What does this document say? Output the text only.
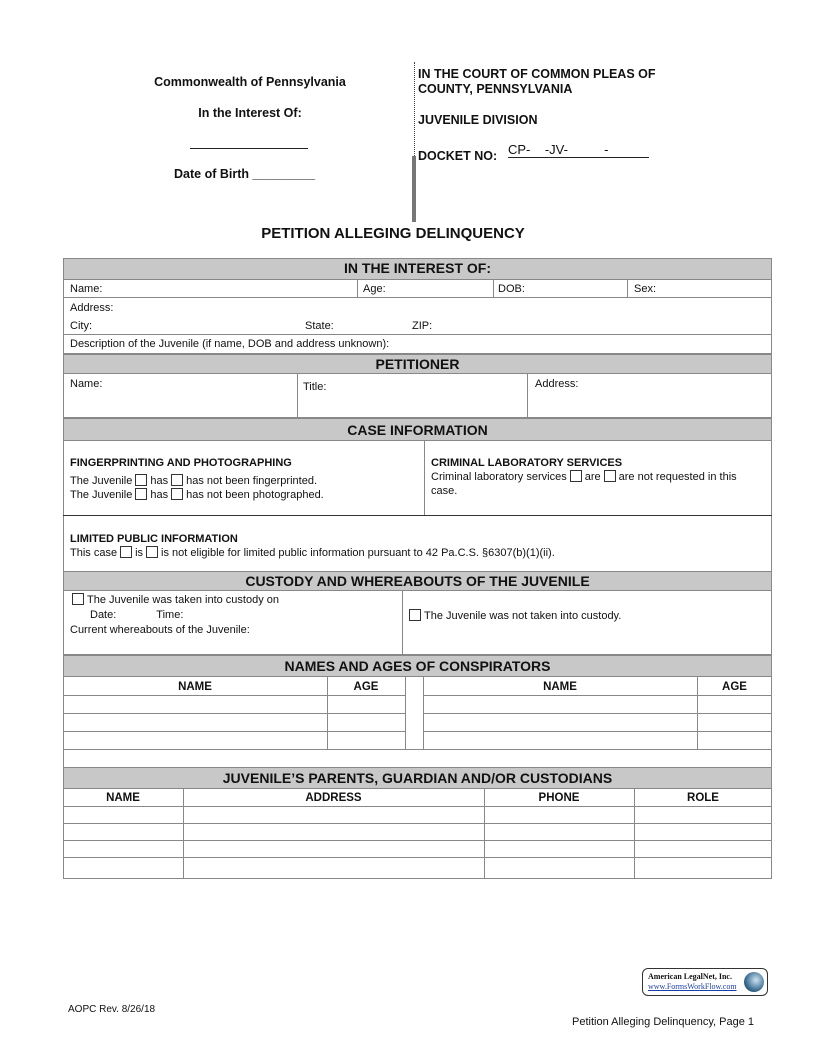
Commonwealth of Pennsylvania
In the Interest Of:
Date of Birth _________
IN THE COURT OF COMMON PLEAS OF
COUNTY, PENNSYLVANIA
JUVENILE DIVISION
DOCKET NO: CP-    -JV-          -
PETITION ALLEGING DELINQUENCY
IN THE INTEREST OF:
Name:	Age:	DOB:	Sex:
Address:
City:	State:	ZIP:
Description of the Juvenile (if name, DOB and address unknown):
PETITIONER
Name:	Title:	Address:
CASE INFORMATION
FINGERPRINTING AND PHOTOGRAPHING
The Juvenile has has not been fingerprinted.
The Juvenile has has not been photographed.
CRIMINAL LABORATORY SERVICES
Criminal laboratory services are are not requested in this case.
LIMITED PUBLIC INFORMATION
This case is is not eligible for limited public information pursuant to 42 Pa.C.S. §6307(b)(1)(ii).
CUSTODY AND WHEREABOUTS OF THE JUVENILE
The Juvenile was taken into custody on
Date:	Time:
Current whereabouts of the Juvenile:
The Juvenile was not taken into custody.
NAMES AND AGES OF CONSPIRATORS
NAME	AGE	NAME	AGE
JUVENILE’S PARENTS, GUARDIAN AND/OR CUSTODIANS
NAME	ADDRESS	PHONE	ROLE
American LegalNet, Inc.
www.FormsWorkFlow.com
AOPC Rev. 8/26/18
Petition Alleging Delinquency, Page 1
